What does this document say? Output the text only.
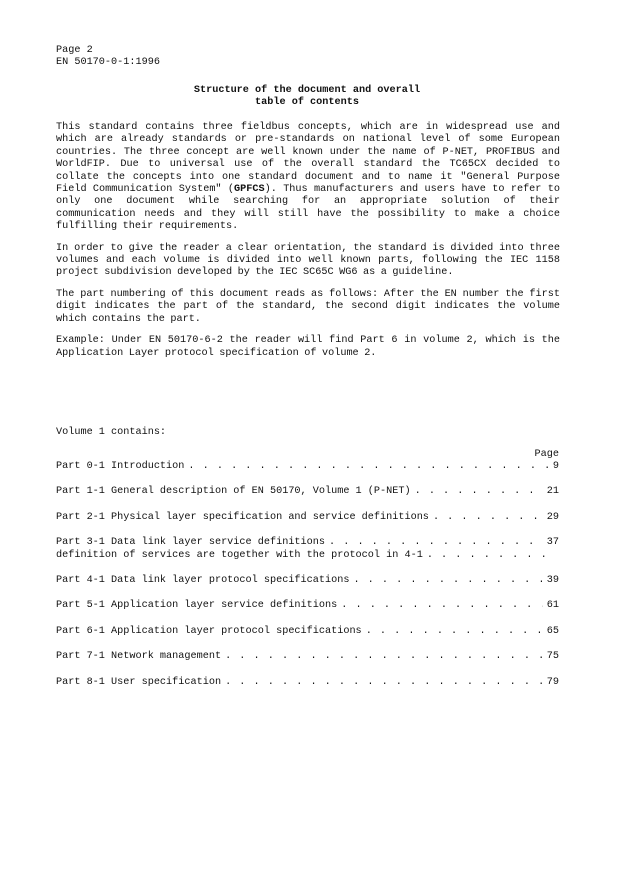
Page 2
EN 50170-0-1:1996
Structure of the document and overall
table of contents

This standard contains three fieldbus concepts, which are in widespread use and which are already standards or pre-standards on national level of some European countries. The three concept are well known under the name of P-NET, PROFIBUS and WorldFIP. Due to universal use of the overall standard the TC65CX decided to collate the concepts into one standard document and to name it "General Purpose Field Communication System" (GPFCS). Thus manufacturers and users have to refer to only one document while searching for an appropriate solution of their communication needs and they will still have the possibility to make a choice fulfilling their requirements.

In order to give the reader a clear orientation, the standard is divided into three volumes and each volume is divided into well known parts, following the IEC 1158 project subdivision developed by the IEC SC65C WG6 as a guideline.

The part numbering of this document reads as follows: After the EN number the first digit indicates the part of the standard, the second digit indicates the volume which contains the part.

Example: Under EN 50170-6-2 the reader will find Part 6 in volume 2, which is the Application Layer protocol specification of volume 2.

Volume 1 contains:
Page
Part 0-1 Introduction . . .	9
Part 1-1 General description of EN 50170, Volume 1 (P-NET) . . .	21
Part 2-1 Physical layer specification and service definitions . . .	29
Part 3-1 Data link layer service definitions . . .	37
definition of services are together with the protocol in 4-1
. . .
Part 4-1 Data link layer protocol specifications . . .	39
Part 5-1 Application layer service definitions . . .	61
Part 6-1 Application layer protocol specifications . . .	65
Part 7-1 Network management . . .	75
Part 8-1 User specification . . .	79
